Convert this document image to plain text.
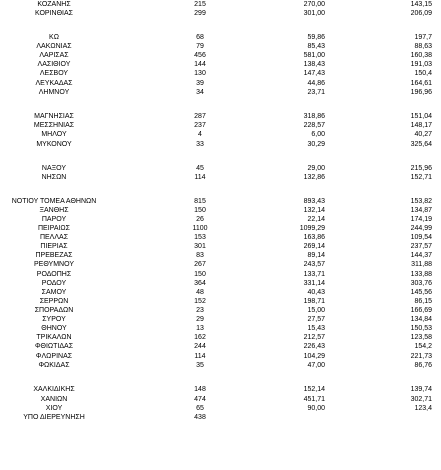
ΚΟΖΑΝΗΣ	215	270,00	143,15
ΚΟΡΙΝΘΙΑΣ	299	301,00	206,09
ΚΩ	68	59,86	197,7
ΛΑΚΩΝΙΑΣ	79	85,43	88,63
ΛΑΡΙΣΑΣ	456	581,00	160,38
ΛΑΣΙΘΙΟΥ	144	138,43	191,03
ΛΕΣΒΟΥ	130	147,43	150,4
ΛΕΥΚΑΔΑΣ	39	44,86	164,61
ΛΗΜΝΟΥ	34	23,71	196,96
ΜΑΓΝΗΣΙΑΣ	287	318,86	151,04
ΜΕΣΣΗΝΙΑΣ	237	228,57	148,17
ΜΗΛΟΥ	4	6,00	40,27
ΜΥΚΟΝΟΥ	33	30,29	325,64
ΝΑΞΟΥ	45	29,00	215,96
ΝΗΣΩΝ	114	132,86	152,71
ΝΟΤΙΟΥ ΤΟΜΕΑ ΑΘΗΝΩΝ	815	893,43	153,82
ΞΑΝΘΗΣ	150	132,14	134,87
ΠΑΡΟΥ	26	22,14	174,19
ΠΕΙΡΑΙΩΣ	1100	1099,29	244,99
ΠΕΛΛΑΣ	153	163,86	109,54
ΠΙΕΡΙΑΣ	301	269,14	237,57
ΠΡΕΒΕΖΑΣ	83	89,14	144,37
ΡΕΘΥΜΝΟΥ	267	243,57	311,88
ΡΟΔΟΠΗΣ	150	133,71	133,88
ΡΟΔΟΥ	364	331,14	303,76
ΣΑΜΟΥ	48	40,43	145,56
ΣΕΡΡΩΝ	152	198,71	86,15
ΣΠΟΡΑΔΩΝ	23	15,00	166,69
ΣΥΡΟΥ	29	27,57	134,84
ΘΗΝΟΥ	13	15,43	150,53
ΤΡΙΚΑΛΩΝ	162	212,57	123,58
ΦΘΙΩΤΙΔΑΣ	244	226,43	154,2
ΦΛΩΡΙΝΑΣ	114	104,29	221,73
ΦΩΚΙΔΑΣ	35	47,00	86,76
ΧΑΛΚΙΔΙΚΗΣ	148	152,14	139,74
ΧΑΝΙΩΝ	474	451,71	302,71
ΧΙΟΥ	65	90,00	123,4
ΥΠΟ ΔΙΕΡΕΥΝΗΣΗ	438
